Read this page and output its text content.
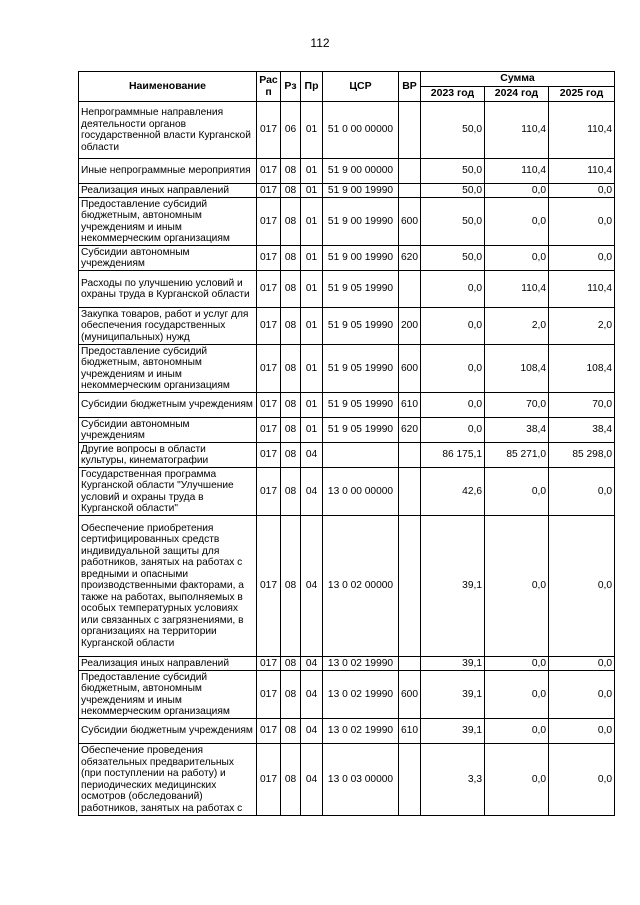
112
Наименование	Рас п	Рз	Пр	ЦСР	ВР	Сумма		
						2023 год	2024 год	2025 год
Непрограммные направления деятельности органов государственной власти Курганской области	017	06	01	51 0 00 00000		50,0	110,4	110,4
Иные непрограммные мероприятия	017	08	01	51 9 00 00000		50,0	110,4	110,4
Реализация иных направлений	017	08	01	51 9 00 19990		50,0	0,0	0,0
Предоставление субсидий бюджетным, автономным учреждениям и иным некоммерческим организациям	017	08	01	51 9 00 19990	600	50,0	0,0	0,0
Субсидии автономным учреждениям	017	08	01	51 9 00 19990	620	50,0	0,0	0,0
Расходы по улучшению условий и охраны труда в Курганской области	017	08	01	51 9 05 19990		0,0	110,4	110,4
Закупка товаров, работ и услуг для обеспечения государственных (муниципальных) нужд	017	08	01	51 9 05 19990	200	0,0	2,0	2,0
Предоставление субсидий бюджетным, автономным учреждениям и иным некоммерческим организациям	017	08	01	51 9 05 19990	600	0,0	108,4	108,4
Субсидии бюджетным учреждениям	017	08	01	51 9 05 19990	610	0,0	70,0	70,0
Субсидии автономным учреждениям	017	08	01	51 9 05 19990	620	0,0	38,4	38,4
Другие вопросы в области культуры, кинематографии	017	08	04			86 175,1	85 271,0	85 298,0
Государственная программа Курганской области "Улучшение условий и охраны труда в Курганской области"	017	08	04	13 0 00 00000		42,6	0,0	0,0
Обеспечение приобретения сертифицированных средств индивидуальной защиты для работников, занятых на работах с вредными и опасными производственными факторами, а также на работах, выполняемых в особых температурных условиях или связанных с загрязнениями, в организациях на территории Курганской области	017	08	04	13 0 02 00000		39,1	0,0	0,0
Реализация иных направлений	017	08	04	13 0 02 19990		39,1	0,0	0,0
Предоставление субсидий бюджетным, автономным учреждениям и иным некоммерческим организациям	017	08	04	13 0 02 19990	600	39,1	0,0	0,0
Субсидии бюджетным учреждениям	017	08	04	13 0 02 19990	610	39,1	0,0	0,0
Обеспечение проведения обязательных предварительных (при поступлении на работу) и периодических медицинских осмотров (обследований) работников, занятых на работах с	017	08	04	13 0 03 00000		3,3	0,0	0,0
